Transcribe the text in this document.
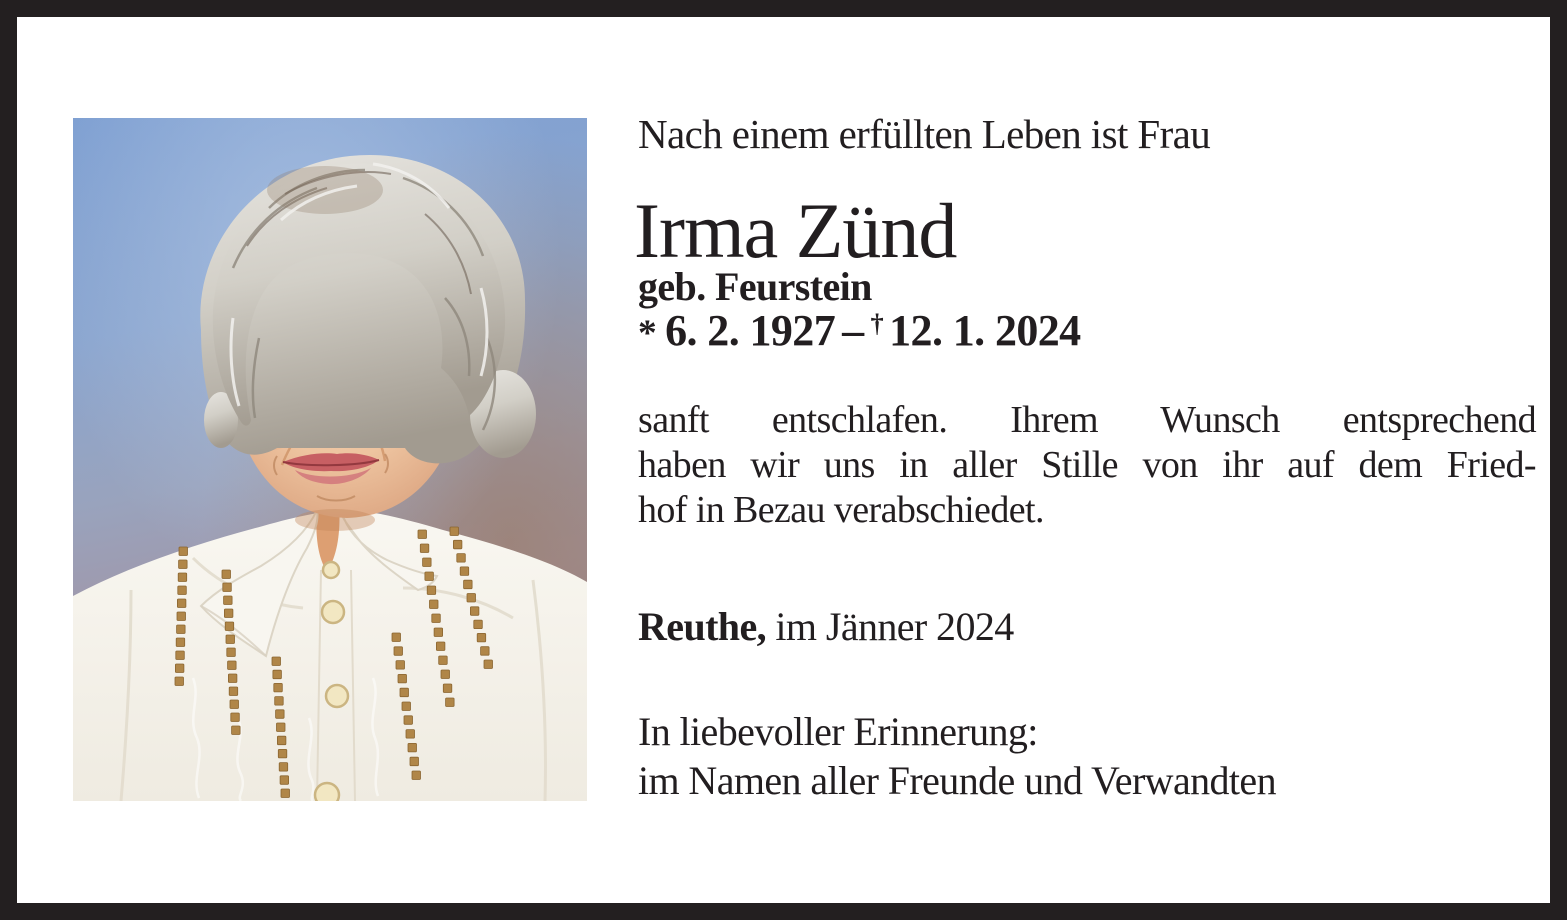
Nach einem erfüllten Leben ist Frau
Irma Zünd
geb. Feurstein
* 6. 2. 1927 – † 12. 1. 2024
sanft entschlafen. Ihrem Wunsch entsprechend
haben wir uns in aller Stille von ihr auf dem Fried-
hof in Bezau verabschiedet.
Reuthe, im Jänner 2024
In liebevoller Erinnerung:
im Namen aller Freunde und Verwandten
